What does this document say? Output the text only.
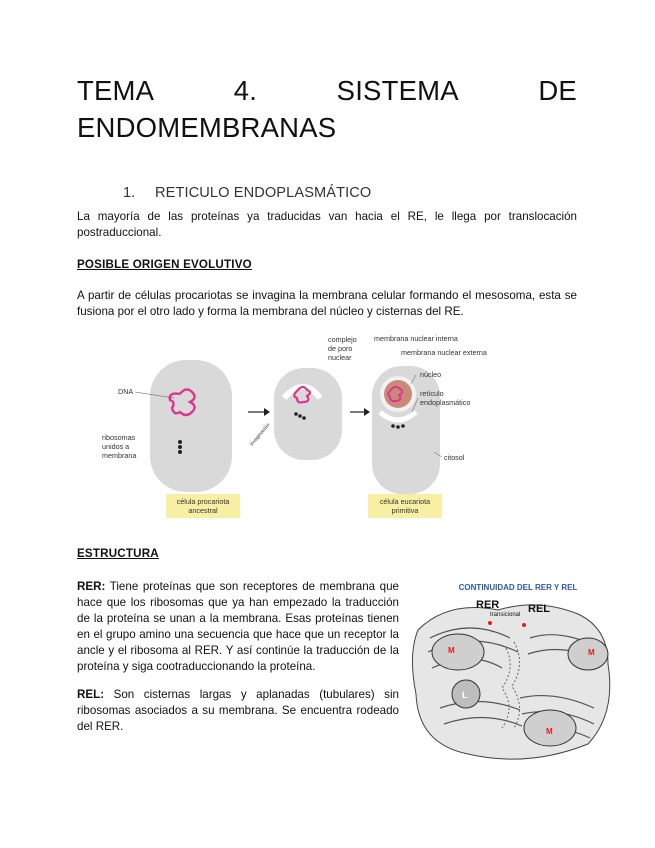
TEMA	4.	SISTEMA	DE
ENDOMEMBRANAS
1. RETICULO ENDOPLASMÁTICO

La mayoría de las proteínas ya traducidas van hacia el RE, le llega por translocación postraduccional.

POSIBLE ORIGEN EVOLUTIVO

A partir de células procariotas se invagina la membrana celular formando el mesosoma, esta se fusiona por el otro lado y forma la membrana del núcleo y cisternas del RE.

DNA
ribosomas
unidos a
membrana
invaginación
complejo
de poro
nuclear
membrana nuclear interna
membrana nuclear externa
núcleo
retículo
endoplasmático
citosol
célula procariota
ancestral
célula eucariota
primitiva
ESTRUCTURA

RER: Tiene proteínas que son receptores de membrana que hace que los ribosomas que ya han empezado la traducción de la proteína se unan a la membrana. Esas proteínas tienen en el grupo amino una secuencia que hace que un receptor la ancle y el ribosoma al RER. Y así continúe la traducción de la proteína y siga cootraduccionando la proteína.

REL: Son cisternas largas y aplanadas (tubulares) sin ribosomas asociados a su membrana. Se encuentra rodeado del RER.

CONTINUIDAD DEL RER Y REL
RER	REL
transicional
M	M
L
M
